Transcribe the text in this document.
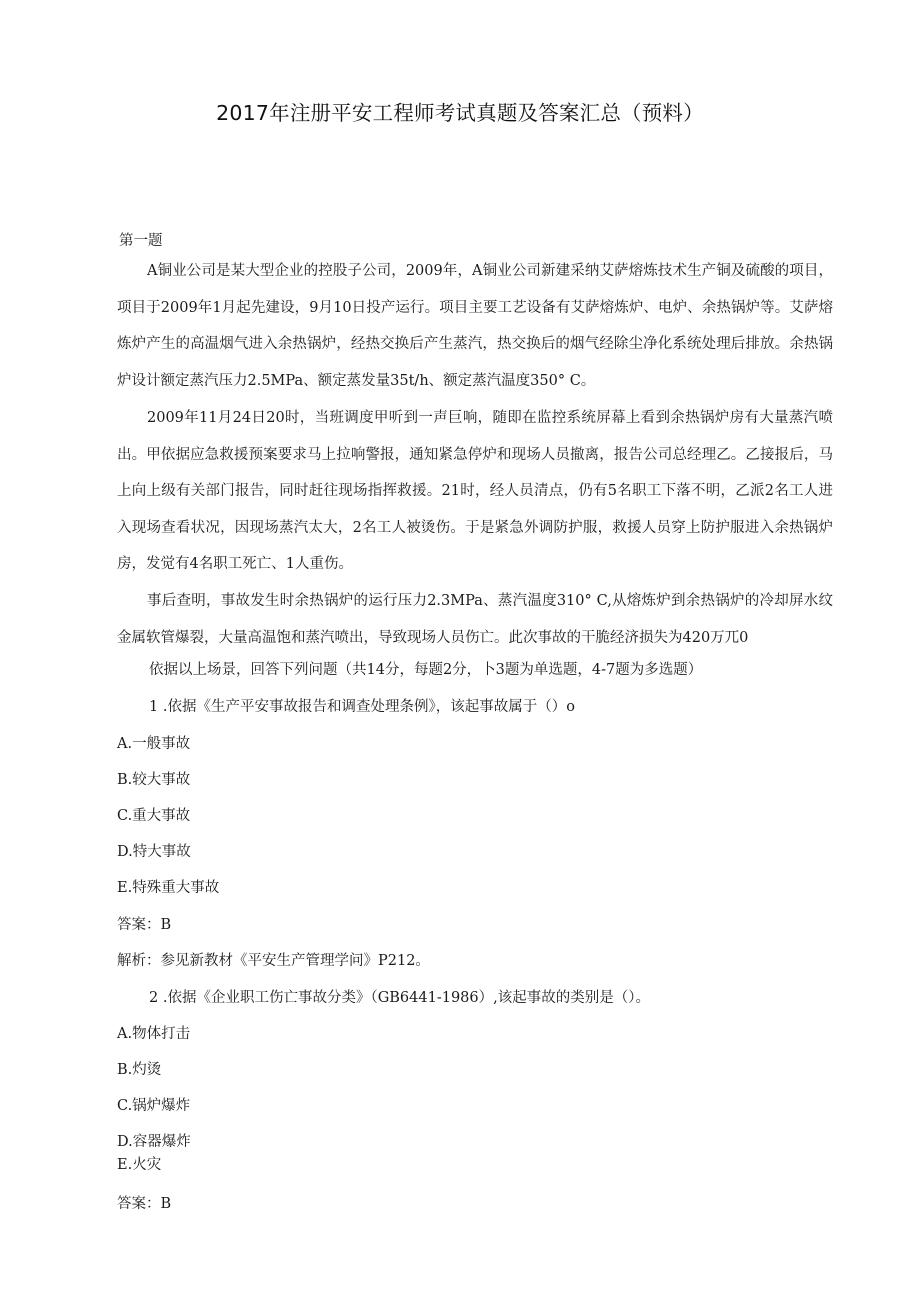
2017年注册平安工程师考试真题及答案汇总（预料）
第一题

A铜业公司是某大型企业的控股子公司，2009年，A铜业公司新建采纳艾萨熔炼技术生产铜及硫酸的项目，项目于2009年1月起先建设，9月10日投产运行。项目主要工艺设备有艾萨熔炼炉、电炉、余热锅炉等。艾萨熔炼炉产生的高温烟气进入余热锅炉，经热交换后产生蒸汽，热交换后的烟气经除尘净化系统处理后排放。余热锅炉设计额定蒸汽压力2.5MPa、额定蒸发量35t/h、额定蒸汽温度350° C。

2009年11月24日20时，当班调度甲听到一声巨响，随即在监控系统屏幕上看到余热锅炉房有大量蒸汽喷出。甲依据应急救援预案要求马上拉响警报，通知紧急停炉和现场人员撤离，报告公司总经理乙。乙接报后，马上向上级有关部门报告，同时赶往现场指挥救援。21时，经人员清点，仍有5名职工下落不明，乙派2名工人进入现场查看状况，因现场蒸汽太大，2名工人被烫伤。于是紧急外调防护服，救援人员穿上防护服进入余热锅炉房，发觉有4名职工死亡、1人重伤。

事后查明，事故发生时余热锅炉的运行压力2.3MPa、蒸汽温度310° C,从熔炼炉到余热锅炉的冷却屏水纹金属软管爆裂，大量高温饱和蒸汽喷出，导致现场人员伤亡。此次事故的干脆经济损失为420万兀0

依据以上场景，回答下列问题（共14分，每题2分，卜3题为单选题，4-7题为多选题）
1 .依据《生产平安事故报告和调查处理条例》，该起事故属于（）o
A.一般事故
B.较大事故
C.重大事故
D.特大事故
E.特殊重大事故
答案：B
解析：参见新教材《平安生产管理学问》P212。
2 .依据《企业职工伤亡事故分类》（GB6441-1986）,该起事故的类别是（）。
A.物体打击
B.灼烫
C.锅炉爆炸
D.容器爆炸
E.火灾
答案：B
